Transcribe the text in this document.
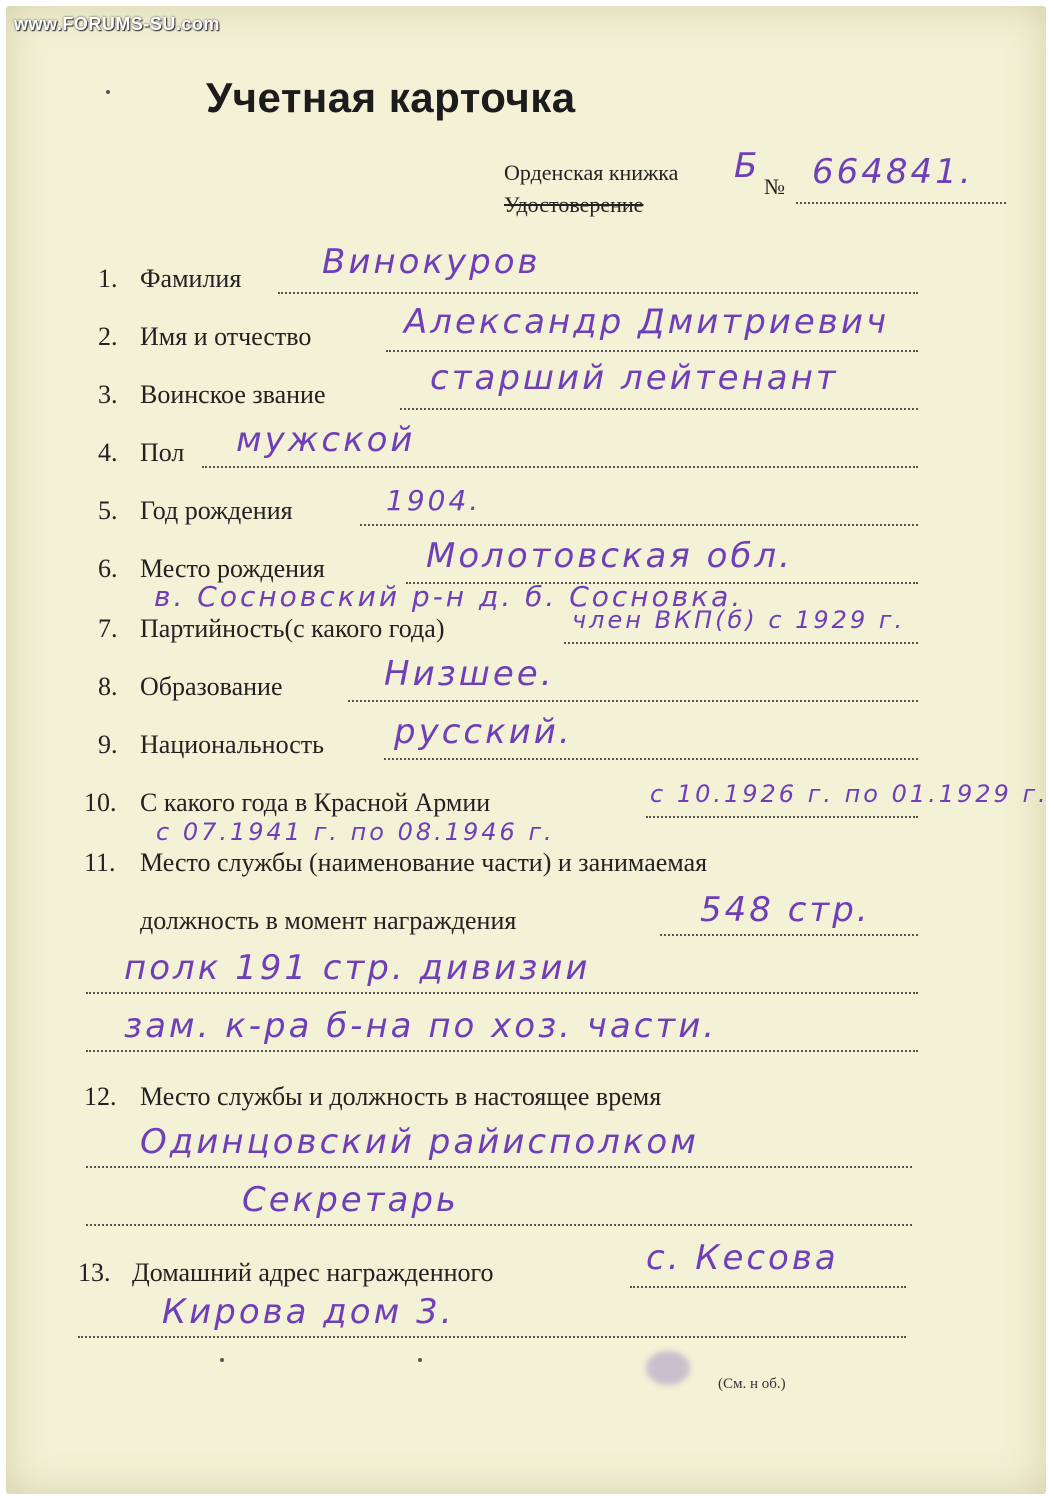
www.FORUMS-SU.com
Учетная карточка
Орденская книжка
Удостоверение
Б
№ 664841.
1. Фамилия Винокуров
2. Имя и отчество	Александр Дмитриевич
3. Воинское звание	старший лейтенант
4. Пол мужской
5. Год рождения	1904.
6. Место рождения	Молотовская обл.
в. Сосновский р-н д. б. Сосновка.
7. Партийность(с какого года)	член ВКП(б) с 1929 г.
8. Образование	Низшее.
9. Национальность русский.
10. С какого года в Красной Армии	с 10.1926 г. по 01.1929 г.
с 07.1941 г. по 08.1946 г.
11. Место службы (наименование части) и занимаемая
должность в момент награждения	548 стр.
полк 191 стр. дивизии
зам. к-ра б-на по хоз. части.
12. Место службы и должность в настоящее время
Одинцовский райисполком
Секретарь
13. Домашний адрес награжденного	с. Кесова
Кирова дом 3.
(См. н об.)
